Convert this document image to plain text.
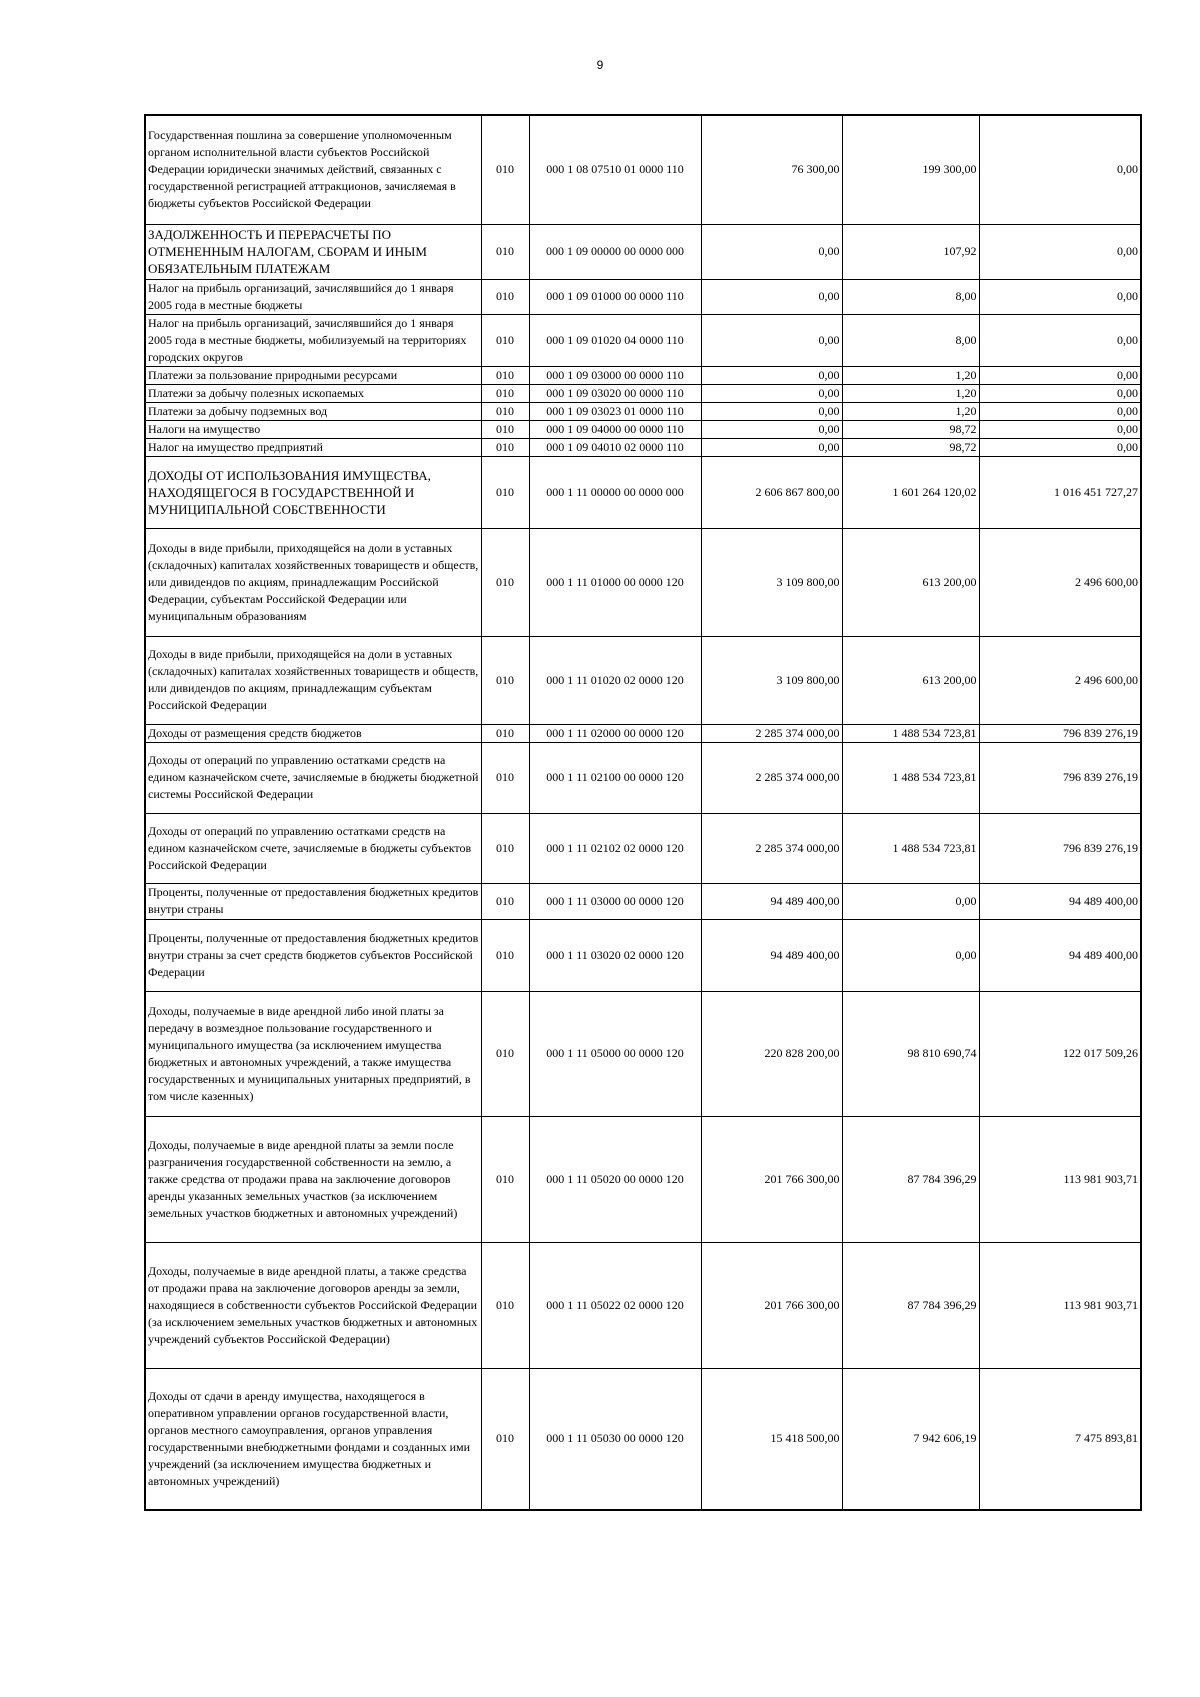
9
Государственная пошлина за совершение уполномоченным органом исполнительной власти субъектов Российской Федерации юридически значимых действий, связанных с государственной регистрацией аттракционов, зачисляемая в бюджеты субъектов Российской Федерации	010	000 1 08 07510 01 0000 110	76 300,00	199 300,00	0,00
ЗАДОЛЖЕННОСТЬ И ПЕРЕРАСЧЕТЫ ПО ОТМЕНЕННЫМ НАЛОГАМ, СБОРАМ И ИНЫМ ОБЯЗАТЕЛЬНЫМ ПЛАТЕЖАМ	010	000 1 09 00000 00 0000 000	0,00	107,92	0,00
Налог на прибыль организаций, зачислявшийся до 1 января 2005 года в местные бюджеты	010	000 1 09 01000 00 0000 110	0,00	8,00	0,00
Налог на прибыль организаций, зачислявшийся до 1 января 2005 года в местные бюджеты, мобилизуемый на территориях городских округов	010	000 1 09 01020 04 0000 110	0,00	8,00	0,00
Платежи за пользование природными ресурсами	010	000 1 09 03000 00 0000 110	0,00	1,20	0,00
Платежи за добычу полезных ископаемых	010	000 1 09 03020 00 0000 110	0,00	1,20	0,00
Платежи за добычу подземных вод	010	000 1 09 03023 01 0000 110	0,00	1,20	0,00
Налоги на имущество	010	000 1 09 04000 00 0000 110	0,00	98,72	0,00
Налог на имущество предприятий	010	000 1 09 04010 02 0000 110	0,00	98,72	0,00
ДОХОДЫ ОТ ИСПОЛЬЗОВАНИЯ ИМУЩЕСТВА, НАХОДЯЩЕГОСЯ В ГОСУДАРСТВЕННОЙ И МУНИЦИПАЛЬНОЙ СОБСТВЕННОСТИ	010	000 1 11 00000 00 0000 000	2 606 867 800,00	1 601 264 120,02	1 016 451 727,27
Доходы в виде прибыли, приходящейся на доли в уставных (складочных) капиталах хозяйственных товариществ и обществ, или дивидендов по акциям, принадлежащим Российской Федерации, субъектам Российской Федерации или муниципальным образованиям	010	000 1 11 01000 00 0000 120	3 109 800,00	613 200,00	2 496 600,00
Доходы в виде прибыли, приходящейся на доли в уставных (складочных) капиталах хозяйственных товариществ и обществ, или дивидендов по акциям, принадлежащим субъектам Российской Федерации	010	000 1 11 01020 02 0000 120	3 109 800,00	613 200,00	2 496 600,00
Доходы от размещения средств бюджетов	010	000 1 11 02000 00 0000 120	2 285 374 000,00	1 488 534 723,81	796 839 276,19
Доходы от операций по управлению остатками средств на едином казначейском счете, зачисляемые в бюджеты бюджетной системы Российской Федерации	010	000 1 11 02100 00 0000 120	2 285 374 000,00	1 488 534 723,81	796 839 276,19
Доходы от операций по управлению остатками средств на едином казначейском счете, зачисляемые в бюджеты субъектов Российской Федерации	010	000 1 11 02102 02 0000 120	2 285 374 000,00	1 488 534 723,81	796 839 276,19
Проценты, полученные от предоставления бюджетных кредитов внутри страны	010	000 1 11 03000 00 0000 120	94 489 400,00	0,00	94 489 400,00
Проценты, полученные от предоставления бюджетных кредитов внутри страны за счет средств бюджетов субъектов Российской Федерации	010	000 1 11 03020 02 0000 120	94 489 400,00	0,00	94 489 400,00
Доходы, получаемые в виде арендной либо иной платы за передачу в возмездное пользование государственного и муниципального имущества (за исключением имущества бюджетных и автономных учреждений, а также имущества государственных и муниципальных унитарных предприятий, в том числе казенных)	010	000 1 11 05000 00 0000 120	220 828 200,00	98 810 690,74	122 017 509,26
Доходы, получаемые в виде арендной платы за земли после разграничения государственной собственности на землю, а также средства от продажи права на заключение договоров аренды указанных земельных участков (за исключением земельных участков бюджетных и автономных учреждений)	010	000 1 11 05020 00 0000 120	201 766 300,00	87 784 396,29	113 981 903,71
Доходы, получаемые в виде арендной платы, а также средства от продажи права на заключение договоров аренды за земли, находящиеся в собственности субъектов Российской Федерации (за исключением земельных участков бюджетных и автономных учреждений субъектов Российской Федерации)	010	000 1 11 05022 02 0000 120	201 766 300,00	87 784 396,29	113 981 903,71
Доходы от сдачи в аренду имущества, находящегося в оперативном управлении органов государственной власти, органов местного самоуправления, органов управления государственными внебюджетными фондами и созданных ими учреждений (за исключением имущества бюджетных и автономных учреждений)	010	000 1 11 05030 00 0000 120	15 418 500,00	7 942 606,19	7 475 893,81
